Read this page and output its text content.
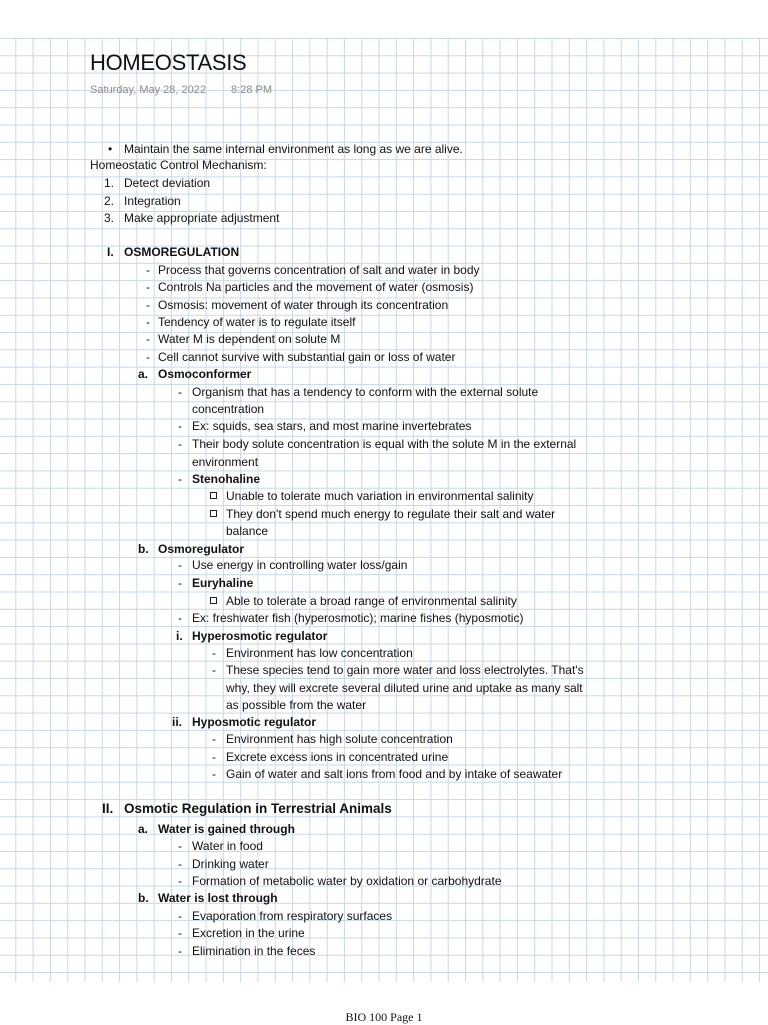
HOMEOSTASIS
Saturday, May 28, 2022 8:28 PM
• Maintain the same internal environment as long as we are alive.
Homeostatic Control Mechanism:
1. Detect deviation
2. Integration
3. Make appropriate adjustment
I. OSMOREGULATION
- Process that governs concentration of salt and water in body
- Controls Na particles and the movement of water (osmosis)
- Osmosis: movement of water through its concentration
- Tendency of water is to regulate itself
- Water M is dependent on solute M
- Cell cannot survive with substantial gain or loss of water
a. Osmoconformer
- Organism that has a tendency to conform with the external solute
concentration
- Ex: squids, sea stars, and most marine invertebrates
- Their body solute concentration is equal with the solute M in the external
environment
- Stenohaline
Unable to tolerate much variation in environmental salinity
They don't spend much energy to regulate their salt and water
balance
b. Osmoregulator
- Use energy in controlling water loss/gain
- Euryhaline
Able to tolerate a broad range of environmental salinity
- Ex: freshwater fish (hyperosmotic); marine fishes (hyposmotic)
i. Hyperosmotic regulator
- Environment has low concentration
- These species tend to gain more water and loss electrolytes. That's
why, they will excrete several diluted urine and uptake as many salt
as possible from the water
ii. Hyposmotic regulator
- Environment has high solute concentration
- Excrete excess ions in concentrated urine
- Gain of water and salt ions from food and by intake of seawater
II. Osmotic Regulation in Terrestrial Animals
a. Water is gained through
- Water in food
- Drinking water
- Formation of metabolic water by oxidation or carbohydrate
b. Water is lost through
- Evaporation from respiratory surfaces
- Excretion in the urine
- Elimination in the feces
BIO 100 Page 1
